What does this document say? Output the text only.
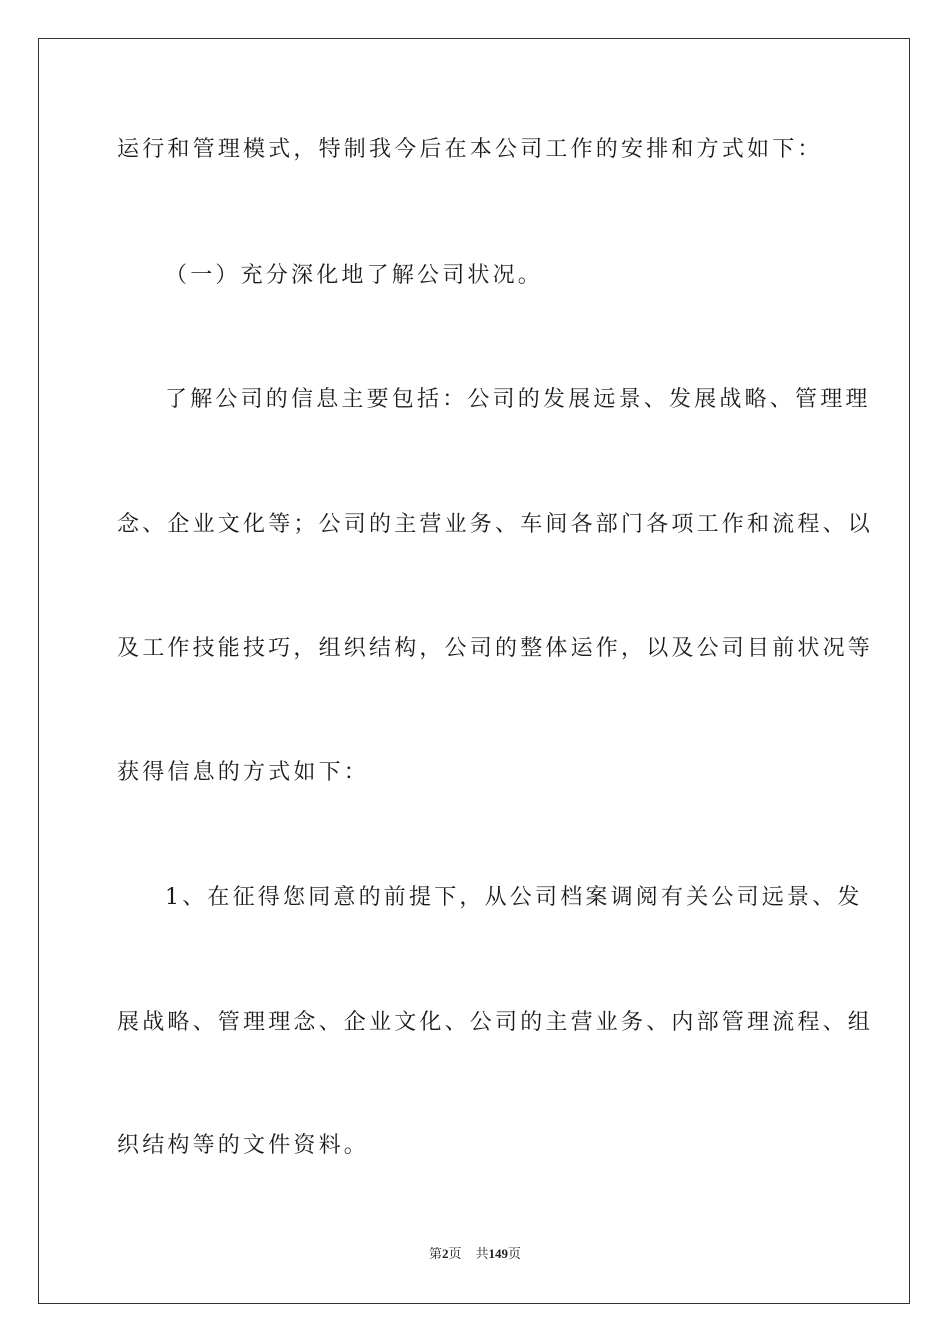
运行和管理模式，特制我今后在本公司工作的安排和方式如下：
（一）充分深化地了解公司状况。
了解公司的信息主要包括：公司的发展远景、发展战略、管理理
念、企业文化等；公司的主营业务、车间各部门各项工作和流程、以
及工作技能技巧，组织结构，公司的整体运作，以及公司目前状况等
获得信息的方式如下：
1、在征得您同意的前提下，从公司档案调阅有关公司远景、发
展战略、管理理念、企业文化、公司的主营业务、内部管理流程、组
织结构等的文件资料。
第2页 共149页
